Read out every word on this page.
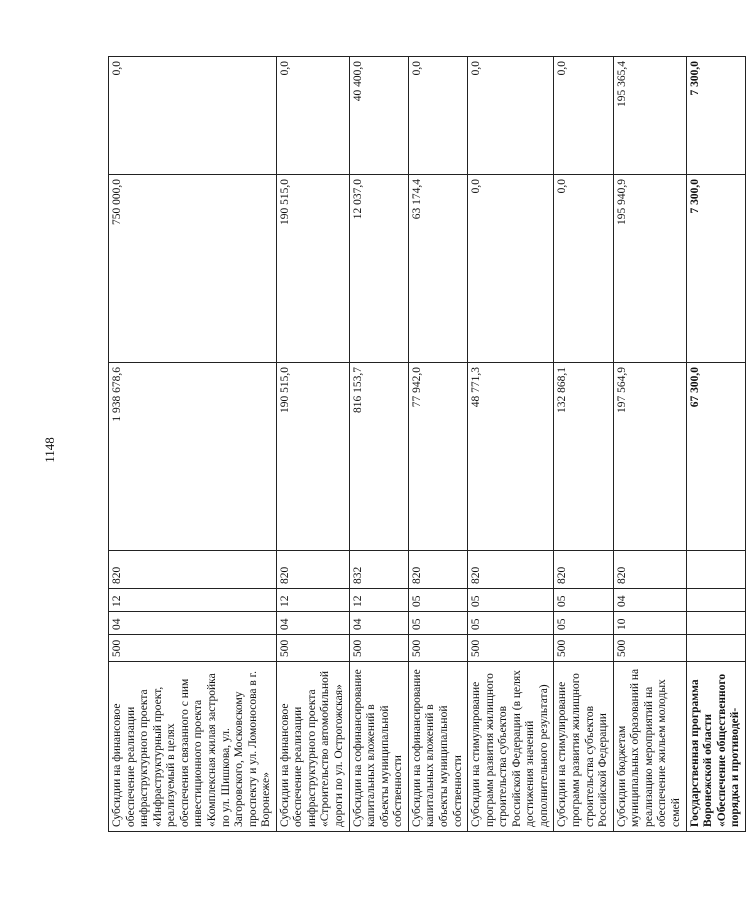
1148
Субсидии на финансовое обеспечение реализации инфраструктурного проекта «Инфраструктурный проект, реализуемый в целях обеспечения связанного с ним инвестиционного проекта «Комплексная жилая застройка по ул. Шишкова, ул. Загоровского, Московскому проспекту и ул. Ломоносова в г. Воронеже»	500	04	12	820	1 938 678,6	750 000,0	0,0
Субсидии на финансовое обеспечение реализации инфраструктурного проекта «Строительство автомобильной дороги по ул. Острогожская»	500	04	12	820	190 515,0	190 515,0	0,0
Субсидии на софинансирование капитальных вложений в объекты муниципальной собственности	500	04	12	832	816 153,7	12 037,0	40 400,0
Субсидии на софинансирование капитальных вложений в объекты муниципальной собственности	500	05	05	820	77 942,0	63 174,4	0,0
Субсидии на стимулирование программ развития жилищного строительства субъектов Российской Федерации (в целях достижения значений дополнительного результата)	500	05	05	820	48 771,3	0,0	0,0
Субсидии на стимулирование программ развития жилищного строительства субъектов Российской Федерации	500	05	05	820	132 868,1	0,0	0,0
Субсидии бюджетам муниципальных образований на реализацию мероприятий на обеспечение жильем молодых семей	500	10	04	820	197 564,9	195 940,9	195 365,4
Государственная программа Воронежской области «Обеспечение общественного порядка и противодей-					67 300,0	7 300,0	7 300,0
